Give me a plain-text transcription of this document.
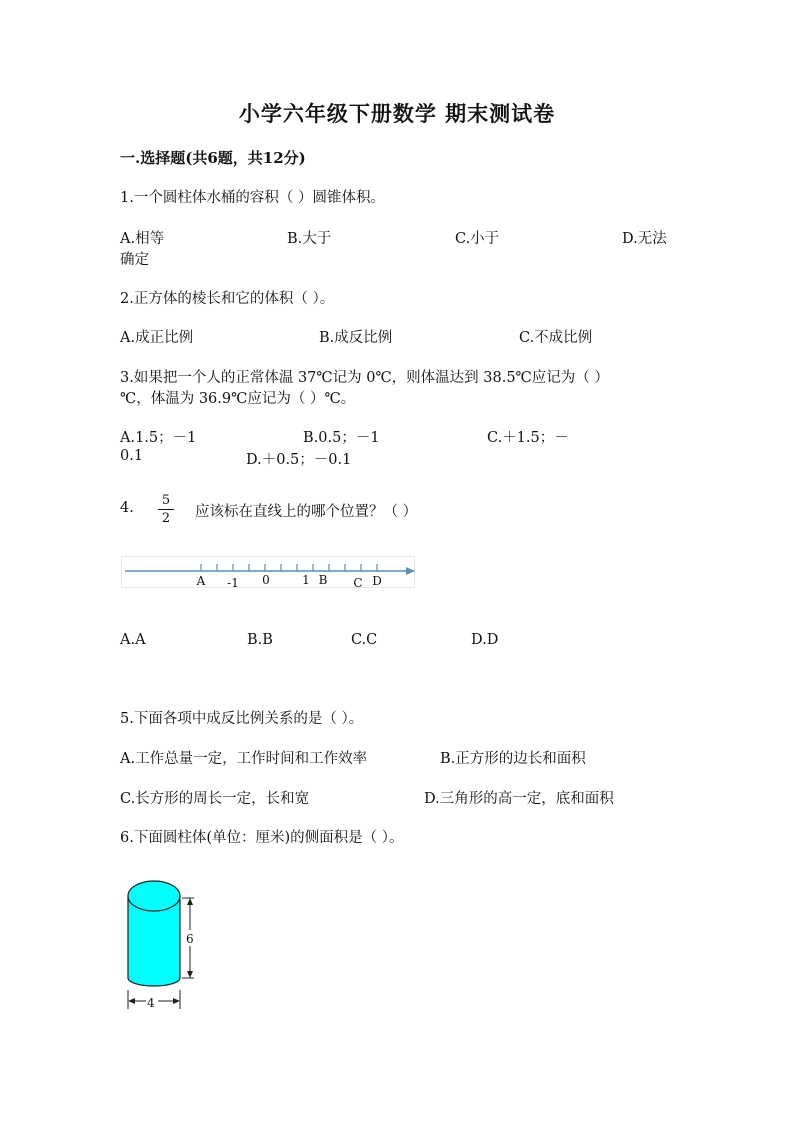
小学六年级下册数学 期末测试卷
一.选择题(共6题，共12分)
1.一个圆柱体水桶的容积（ ）圆锥体积。
A.相等	B.大于	C.小于	D.无法
确定
2.正方体的棱长和它的体积（ ）。
A.成正比例	B.成反比例	C.不成比例
3.如果把一个人的正常体温 37℃记为 0℃，则体温达到 38.5℃应记为（ ）
℃，体温为 36.9℃应记为（ ）℃。
A.1.5；－1	B.0.5；－1	C.＋1.5；－
0.1	D.＋0.5；－0.1
4. 5
2 应该标在直线上的哪个位置？（ ）
A -1 0	1 B C D
A.A	B.B	C.C	D.D
5.下面各项中成反比例关系的是（ ）。
A.工作总量一定，工作时间和工作效率	B.正方形的边长和面积
C.长方形的周长一定，长和宽	D.三角形的高一定，底和面积
6.下面圆柱体(单位：厘米)的侧面积是（ ）。
6
4
